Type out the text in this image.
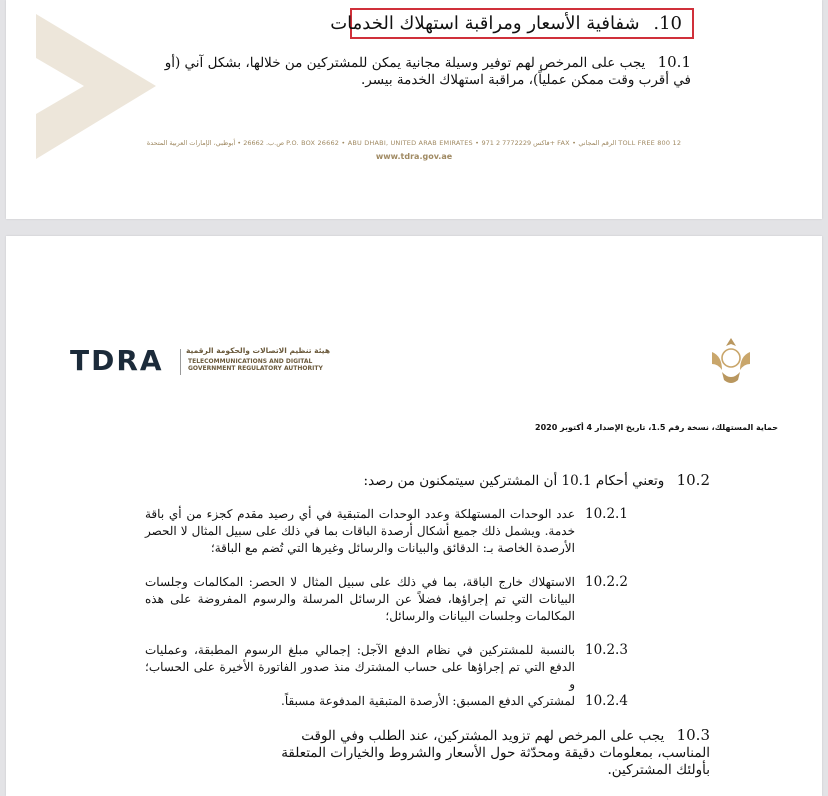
10. شفافية الأسعار ومراقبة استهلاك الخدمات
10.1 يجب على المرخص لهم توفير وسيلة مجانية يمكن للمشتركين من خلالها، بشكل آني (أو في أقرب وقت ممكن عملياً)، مراقبة استهلاك الخدمة بيسر.
ص.ب. 26662 • أبوظبي، الإمارات العربية المتحدة P.O. BOX 26662 • ABU DHABI, UNITED ARAB EMIRATES • فاكس 7772229 2 971+ FAX • الرقم المجاني TOLL FREE 800 12
www.tdra.gov.ae
TDRA	هيئة تنظيم الاتصالات والحكومة الرقمية
TELECOMMUNICATIONS AND DIGITAL
GOVERNMENT REGULATORY AUTHORITY
حماية المستهلك، نسخة رقم 1.5، تاريخ الإصدار 4 أكتوبر 2020
10.2 وتعني أحكام 10.1 أن المشتركين سيتمكنون من رصد:
10.2.1
عدد الوحدات المستهلكة وعدد الوحدات المتبقية في أي رصيد مقدم كجزء من أي باقة خدمة. ويشمل ذلك جميع أشكال أرصدة الباقات بما في ذلك على سبيل المثال لا الحصر الأرصدة الخاصة بـ: الدقائق والبيانات والرسائل وغيرها التي تُضم مع الباقة؛
10.2.2
الاستهلاك خارج الباقة، بما في ذلك على سبيل المثال لا الحصر: المكالمات وجلسات البيانات التي تم إجراؤها، فضلاً عن الرسائل المرسلة والرسوم المفروضة على هذه المكالمات وجلسات البيانات والرسائل؛
10.2.3
بالنسبة للمشتركين في نظام الدفع الآجل: إجمالي مبلغ الرسوم المطبقة، وعمليات الدفع التي تم إجراؤها على حساب المشترك منذ صدور الفاتورة الأخيرة على الحساب؛ و
10.2.4
لمشتركي الدفع المسبق: الأرصدة المتبقية المدفوعة مسبقاً.
10.3 يجب على المرخص لهم تزويد المشتركين، عند الطلب وفي الوقت المناسب، بمعلومات دقيقة ومحدّثة حول الأسعار والشروط والخيارات المتعلقة بأولئك المشتركين.
